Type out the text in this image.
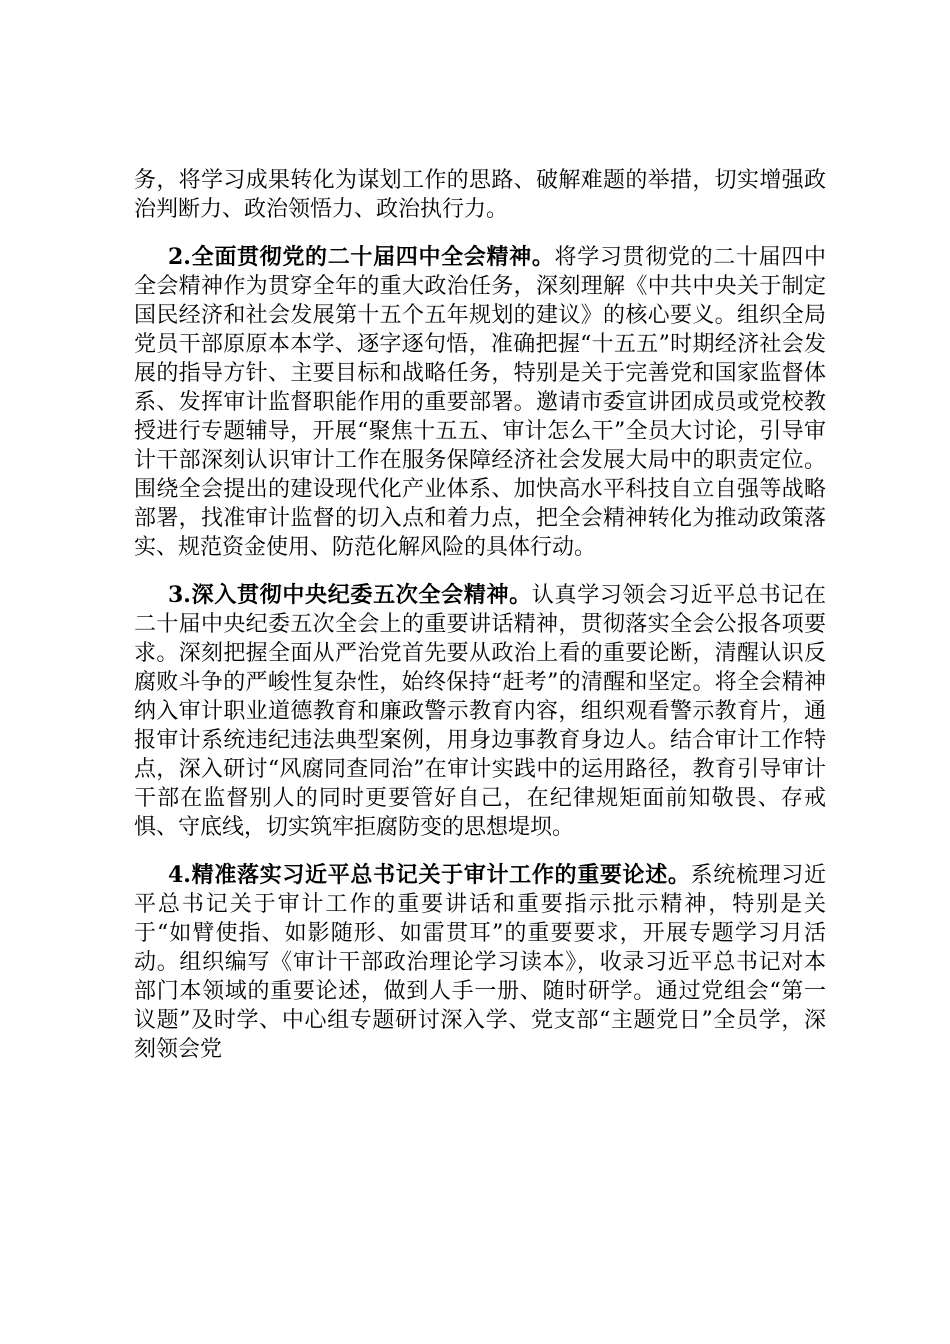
务，将学习成果转化为谋划工作的思路、破解难题的举措，切实增强政治判断力、政治领悟力、政治执行力。

2.全面贯彻党的二十届四中全会精神。将学习贯彻党的二十届四中全会精神作为贯穿全年的重大政治任务，深刻理解《中共中央关于制定国民经济和社会发展第十五个五年规划的建议》的核心要义。组织全局党员干部原原本本学、逐字逐句悟，准确把握“十五五”时期经济社会发展的指导方针、主要目标和战略任务，特别是关于完善党和国家监督体系、发挥审计监督职能作用的重要部署。邀请市委宣讲团成员或党校教授进行专题辅导，开展“聚焦十五五、审计怎么干”全员大讨论，引导审计干部深刻认识审计工作在服务保障经济社会发展大局中的职责定位。围绕全会提出的建设现代化产业体系、加快高水平科技自立自强等战略部署，找准审计监督的切入点和着力点，把全会精神转化为推动政策落实、规范资金使用、防范化解风险的具体行动。

3.深入贯彻中央纪委五次全会精神。认真学习领会习近平总书记在二十届中央纪委五次全会上的重要讲话精神，贯彻落实全会公报各项要求。深刻把握全面从严治党首先要从政治上看的重要论断，清醒认识反腐败斗争的严峻性复杂性，始终保持“赶考”的清醒和坚定。将全会精神纳入审计职业道德教育和廉政警示教育内容，组织观看警示教育片，通报审计系统违纪违法典型案例，用身边事教育身边人。结合审计工作特点，深入研讨“风腐同查同治”在审计实践中的运用路径，教育引导审计干部在监督别人的同时更要管好自己，在纪律规矩面前知敬畏、存戒惧、守底线，切实筑牢拒腐防变的思想堤坝。

4.精准落实习近平总书记关于审计工作的重要论述。系统梳理习近平总书记关于审计工作的重要讲话和重要指示批示精神，特别是关于“如臂使指、如影随形、如雷贯耳”的重要要求，开展专题学习月活动。组织编写《审计干部政治理论学习读本》，收录习近平总书记对本部门本领域的重要论述，做到人手一册、随时研学。通过党组会“第一议题”及时学、中心组专题研讨深入学、党支部“主题党日”全员学，深刻领会党
